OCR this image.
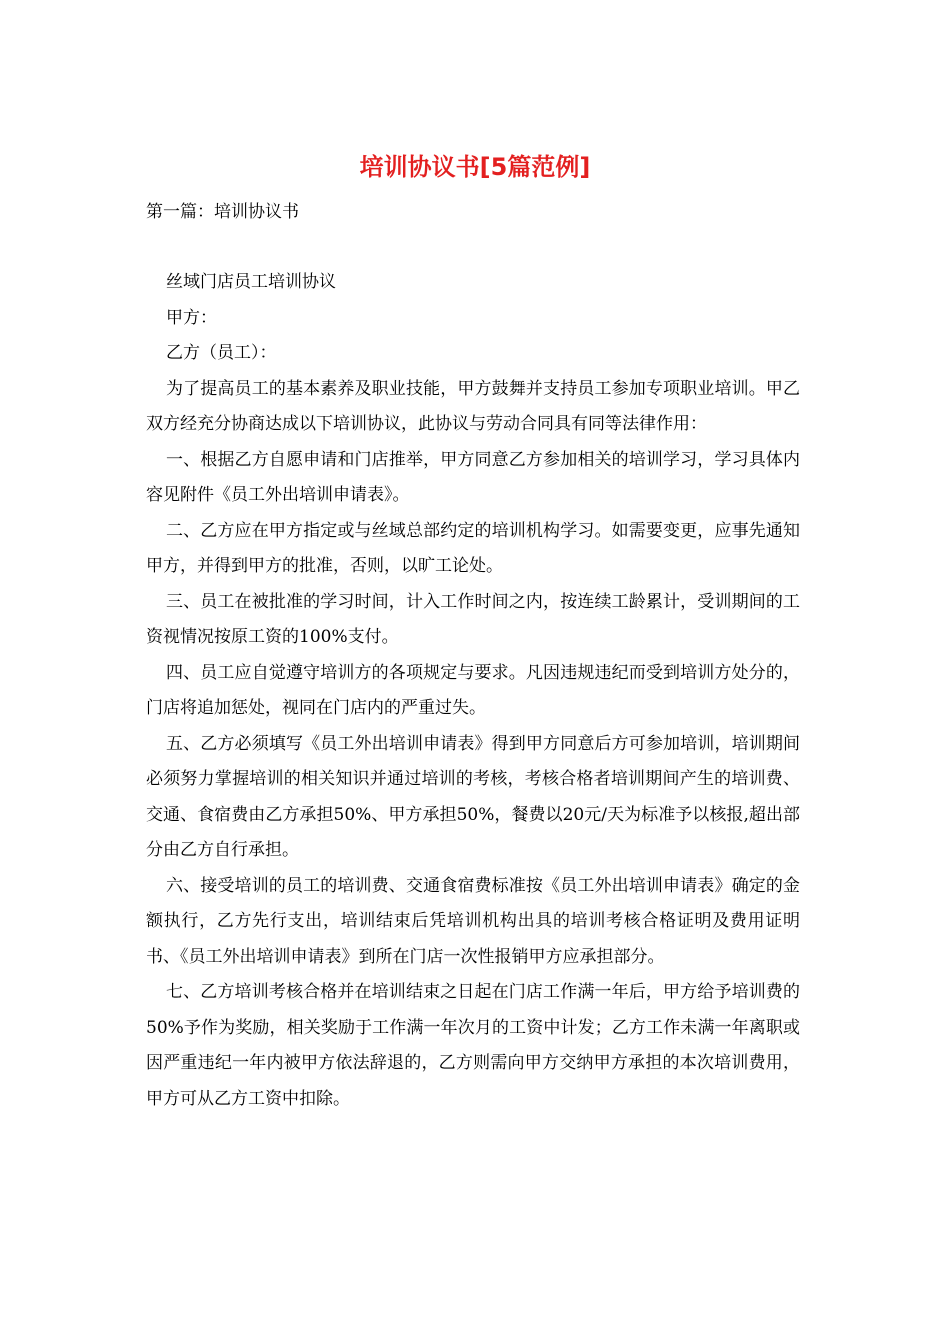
培训协议书[5篇范例]
第一篇：培训协议书

丝域门店员工培训协议

甲方：

乙方（员工）：

为了提高员工的基本素养及职业技能，甲方鼓舞并支持员工参加专项职业培训。甲乙双方经充分协商达成以下培训协议，此协议与劳动合同具有同等法律作用：

一、根据乙方自愿申请和门店推举，甲方同意乙方参加相关的培训学习，学习具体内容见附件《员工外出培训申请表》。

二、乙方应在甲方指定或与丝域总部约定的培训机构学习。如需要变更，应事先通知甲方，并得到甲方的批准，否则，以旷工论处。

三、员工在被批准的学习时间，计入工作时间之内，按连续工龄累计，受训期间的工资视情况按原工资的100%支付。

四、员工应自觉遵守培训方的各项规定与要求。凡因违规违纪而受到培训方处分的，门店将追加惩处，视同在门店内的严重过失。

五、乙方必须填写《员工外出培训申请表》得到甲方同意后方可参加培训，培训期间必须努力掌握培训的相关知识并通过培训的考核，考核合格者培训期间产生的培训费、交通、食宿费由乙方承担50%、甲方承担50%，餐费以20元/天为标准予以核报,超出部分由乙方自行承担。

六、接受培训的员工的培训费、交通食宿费标准按《员工外出培训申请表》确定的金额执行，乙方先行支出，培训结束后凭培训机构出具的培训考核合格证明及费用证明书、《员工外出培训申请表》到所在门店一次性报销甲方应承担部分。

七、乙方培训考核合格并在培训结束之日起在门店工作满一年后，甲方给予培训费的50%予作为奖励，相关奖励于工作满一年次月的工资中计发；乙方工作未满一年离职或因严重违纪一年内被甲方依法辞退的，乙方则需向甲方交纳甲方承担的本次培训费用，甲方可从乙方工资中扣除。
